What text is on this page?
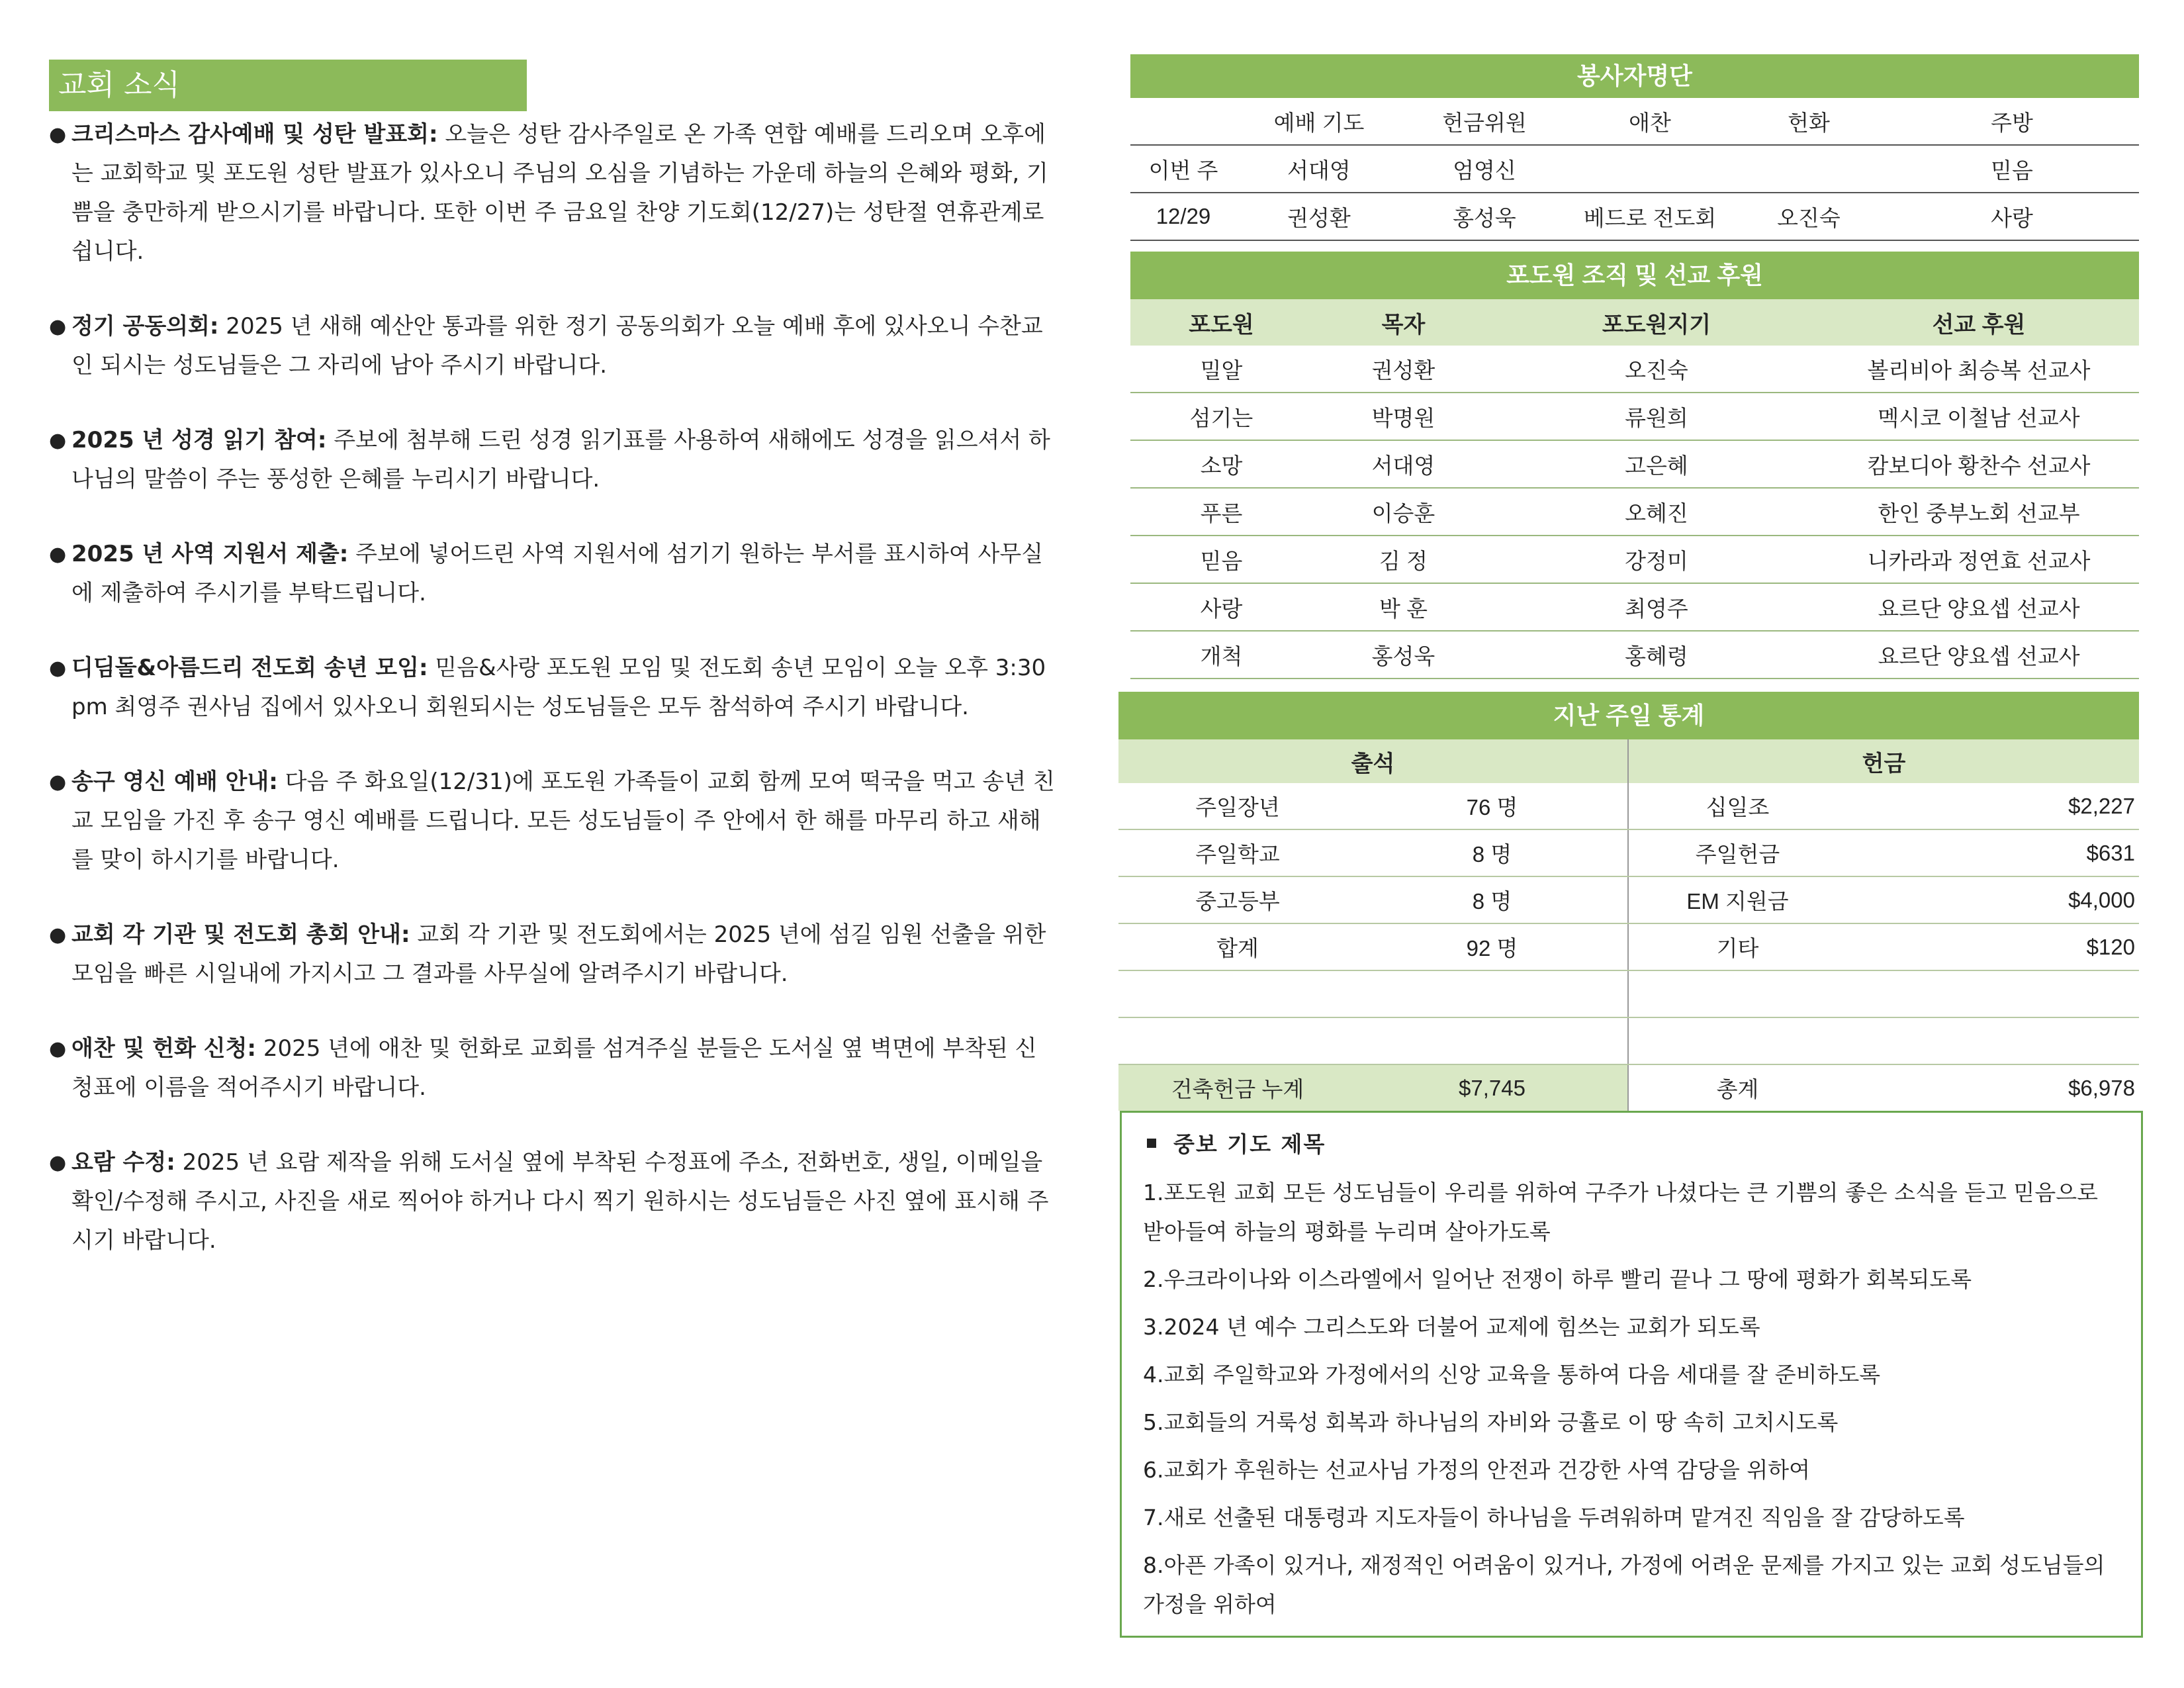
교회 소식
● 크리스마스 감사예배 및 성탄 발표회: 오늘은 성탄 감사주일로 온 가족 연합 예배를 드리오며 오후에는 교회학교 및 포도원 성탄 발표가 있사오니 주님의 오심을 기념하는 가운데 하늘의 은혜와 평화, 기쁨을 충만하게 받으시기를 바랍니다. 또한 이번 주 금요일 찬양 기도회(12/27)는 성탄절 연휴관계로 쉽니다.
● 정기 공동의회: 2025 년 새해 예산안 통과를 위한 정기 공동의회가 오늘 예배 후에 있사오니 수찬교인 되시는 성도님들은 그 자리에 남아 주시기 바랍니다.
● 2025 년 성경 읽기 참여: 주보에 첨부해 드린 성경 읽기표를 사용하여 새해에도 성경을 읽으셔서 하나님의 말씀이 주는 풍성한 은혜를 누리시기 바랍니다.
● 2025 년 사역 지원서 제출: 주보에 넣어드린 사역 지원서에 섬기기 원하는 부서를 표시하여 사무실에 제출하여 주시기를 부탁드립니다.
● 디딤돌&아름드리 전도회 송년 모임: 믿음&사랑 포도원 모임 및 전도회 송년 모임이 오늘 오후 3:30 pm 최영주 권사님 집에서 있사오니 회원되시는 성도님들은 모두 참석하여 주시기 바랍니다.
● 송구 영신 예배 안내: 다음 주 화요일(12/31)에 포도원 가족들이 교회 함께 모여 떡국을 먹고 송년 친교 모임을 가진 후 송구 영신 예배를 드립니다. 모든 성도님들이 주 안에서 한 해를 마무리 하고 새해를 맞이 하시기를 바랍니다.
● 교회 각 기관 및 전도회 총회 안내: 교회 각 기관 및 전도회에서는 2025 년에 섬길 임원 선출을 위한 모임을 빠른 시일내에 가지시고 그 결과를 사무실에 알려주시기 바랍니다.
● 애찬 및 헌화 신청: 2025 년에 애찬 및 헌화로 교회를 섬겨주실 분들은 도서실 옆 벽면에 부착된 신청표에 이름을 적어주시기 바랍니다.
● 요람 수정: 2025 년 요람 제작을 위해 도서실 옆에 부착된 수정표에 주소, 전화번호, 생일, 이메일을 확인/수정해 주시고, 사진을 새로 찍어야 하거나 다시 찍기 원하시는 성도님들은 사진 옆에 표시해 주시기 바랍니다.
봉사자명단
	예배 기도	헌금위원	애찬	헌화	주방
이번 주	서대영	엄영신			믿음
12/29	권성환	홍성욱	베드로 전도회	오진숙	사랑
포도원 조직 및 선교 후원
포도원	목자	포도원지기	선교 후원
밀알	권성환	오진숙	볼리비아 최승복 선교사
섬기는	박명원	류원희	멕시코 이철남 선교사
소망	서대영	고은혜	캄보디아 황찬수 선교사
푸른	이승훈	오혜진	한인 중부노회 선교부
믿음	김 정	강정미	니카라과 정연효 선교사
사랑	박 훈	최영주	요르단 양요셉 선교사
개척	홍성욱	홍혜령	요르단 양요셉 선교사
지난 주일 통계
출석		헌금	
주일장년	76 명	십일조	$2,227
주일학교	8 명	주일헌금	$631
중고등부	8 명	EM 지원금	$4,000
합계	92 명	기타	$120

건축헌금 누계	$7,745	총계	$6,978
중보 기도 제목
1.포도원 교회 모든 성도님들이 우리를 위하여 구주가 나셨다는 큰 기쁨의 좋은 소식을 듣고 믿음으로 받아들여 하늘의 평화를 누리며 살아가도록
2.우크라이나와 이스라엘에서 일어난 전쟁이 하루 빨리 끝나 그 땅에 평화가 회복되도록
3.2024 년 예수 그리스도와 더불어 교제에 힘쓰는 교회가 되도록
4.교회 주일학교와 가정에서의 신앙 교육을 통하여 다음 세대를 잘 준비하도록
5.교회들의 거룩성 회복과 하나님의 자비와 긍휼로 이 땅 속히 고치시도록
6.교회가 후원하는 선교사님 가정의 안전과 건강한 사역 감당을 위하여
7.새로 선출된 대통령과 지도자들이 하나님을 두려워하며 맡겨진 직임을 잘 감당하도록
8.아픈 가족이 있거나, 재정적인 어려움이 있거나, 가정에 어려운 문제를 가지고 있는 교회 성도님들의 가정을 위하여
